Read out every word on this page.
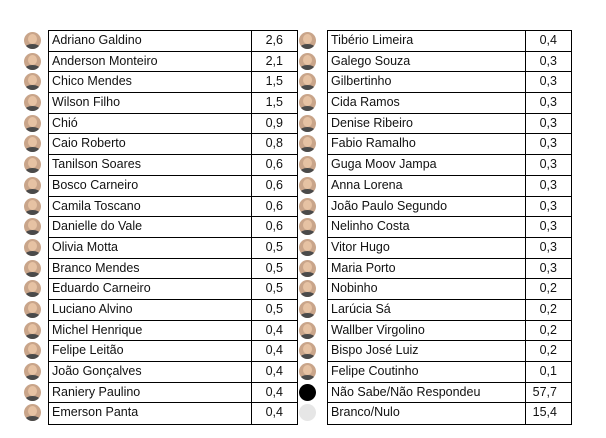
Adriano Galdino	2,6
Anderson Monteiro	2,1
Chico Mendes	1,5
Wilson Filho	1,5
Chió	0,9
Caio Roberto	0,8
Tanilson Soares	0,6
Bosco Carneiro	0,6
Camila Toscano	0,6
Danielle do Vale	0,6
Olivia Motta	0,5
Branco Mendes	0,5
Eduardo Carneiro	0,5
Luciano Alvino	0,5
Michel Henrique	0,4
Felipe Leitão	0,4
João Gonçalves	0,4
Raniery Paulino	0,4
Emerson Panta	0,4
Tibério Limeira	0,4
Galego Souza	0,3
Gilbertinho	0,3
Cida Ramos	0,3
Denise Ribeiro	0,3
Fabio Ramalho	0,3
Guga Moov Jampa	0,3
Anna Lorena	0,3
João Paulo Segundo	0,3
Nelinho Costa	0,3
Vitor Hugo	0,3
Maria Porto	0,3
Nobinho	0,2
Larúcia Sá	0,2
Wallber Virgolino	0,2
Bispo José Luiz	0,2
Felipe Coutinho	0,1
Não Sabe/Não Respondeu	57,7
Branco/Nulo	15,4
